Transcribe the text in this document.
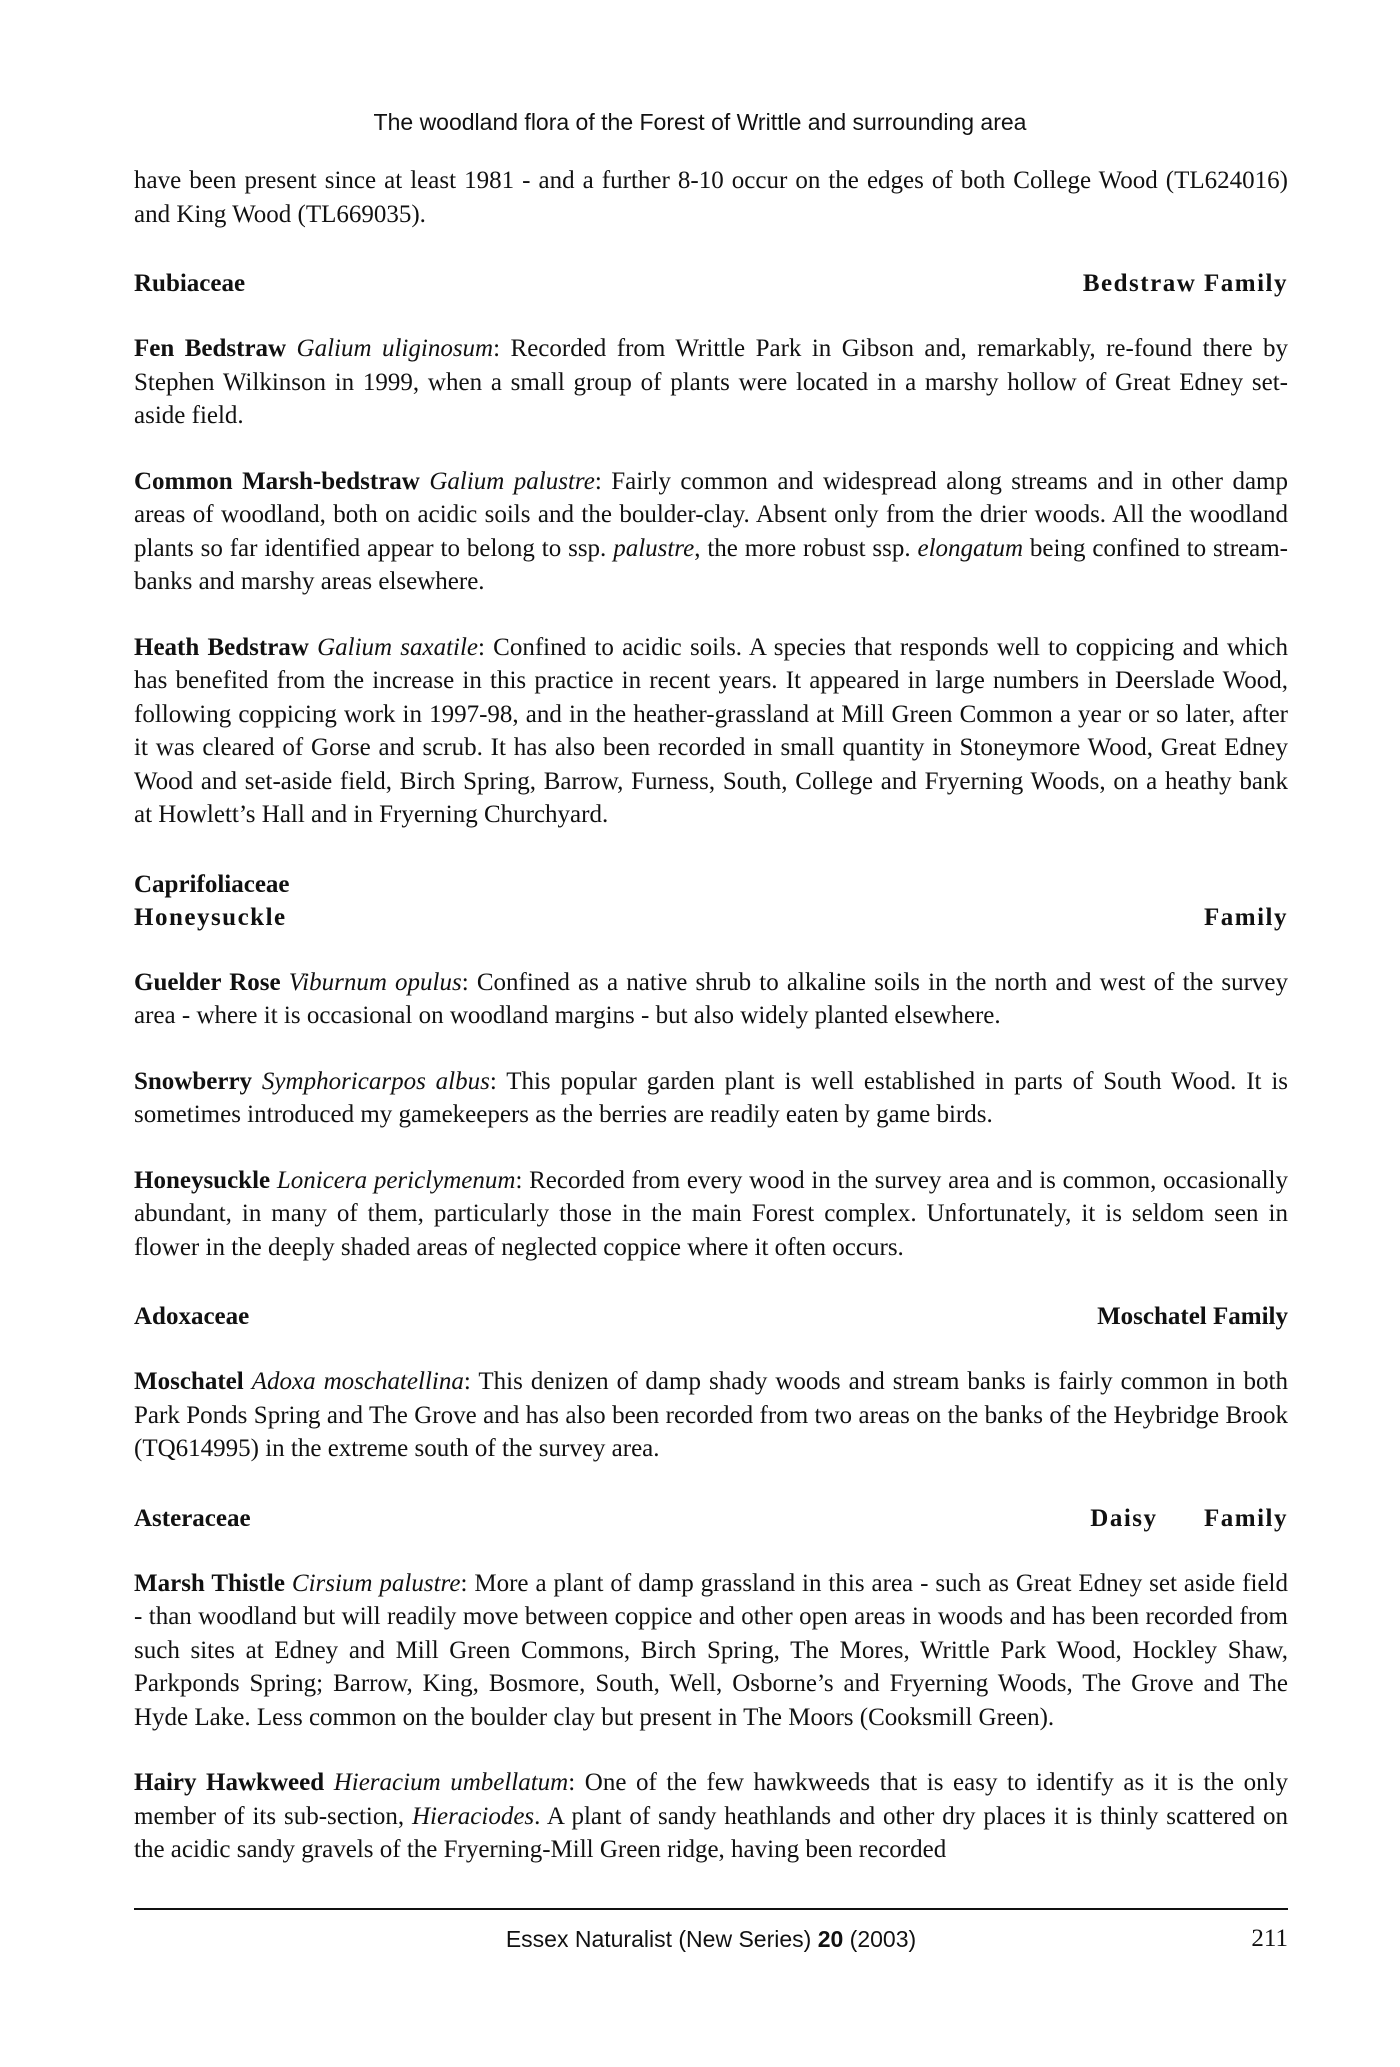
The woodland flora of the Forest of Writtle and surrounding area

have been present since at least 1981 - and a further 8-10 occur on the edges of both College Wood (TL624016) and King Wood (TL669035).

Rubiaceae	Bedstraw Family

Fen Bedstraw Galium uliginosum: Recorded from Writtle Park in Gibson and, remarkably, re-found there by Stephen Wilkinson in 1999, when a small group of plants were located in a marshy hollow of Great Edney set-aside field.

Common Marsh-bedstraw Galium palustre: Fairly common and widespread along streams and in other damp areas of woodland, both on acidic soils and the boulder-clay. Absent only from the drier woods. All the woodland plants so far identified appear to belong to ssp. palustre, the more robust ssp. elongatum being confined to stream-banks and marshy areas elsewhere.

Heath Bedstraw Galium saxatile: Confined to acidic soils. A species that responds well to coppicing and which has benefited from the increase in this practice in recent years. It appeared in large numbers in Deerslade Wood, following coppicing work in 1997-98, and in the heather-grassland at Mill Green Common a year or so later, after it was cleared of Gorse and scrub. It has also been recorded in small quantity in Stoneymore Wood, Great Edney Wood and set-aside field, Birch Spring, Barrow, Furness, South, College and Fryerning Woods, on a heathy bank at Howlett’s Hall and in Fryerning Churchyard.

Caprifoliaceae
Honeysuckle	Family

Guelder Rose Viburnum opulus: Confined as a native shrub to alkaline soils in the north and west of the survey area - where it is occasional on woodland margins - but also widely planted elsewhere.

Snowberry Symphoricarpos albus: This popular garden plant is well established in parts of South Wood. It is sometimes introduced my gamekeepers as the berries are readily eaten by game birds.

Honeysuckle Lonicera periclymenum: Recorded from every wood in the survey area and is common, occasionally abundant, in many of them, particularly those in the main Forest complex. Unfortunately, it is seldom seen in flower in the deeply shaded areas of neglected coppice where it often occurs.

Adoxaceae	Moschatel Family

Moschatel Adoxa moschatellina: This denizen of damp shady woods and stream banks is fairly common in both Park Ponds Spring and The Grove and has also been recorded from two areas on the banks of the Heybridge Brook (TQ614995) in the extreme south of the survey area.

Asteraceae	Daisy      Family

Marsh Thistle Cirsium palustre: More a plant of damp grassland in this area - such as Great Edney set aside field - than woodland but will readily move between coppice and other open areas in woods and has been recorded from such sites at Edney and Mill Green Commons, Birch Spring, The Mores, Writtle Park Wood, Hockley Shaw, Parkponds Spring; Barrow, King, Bosmore, South, Well, Osborne’s and Fryerning Woods, The Grove and The Hyde Lake. Less common on the boulder clay but present in The Moors (Cooksmill Green).

Hairy Hawkweed Hieracium umbellatum: One of the few hawkweeds that is easy to identify as it is the only member of its sub-section, Hieraciodes. A plant of sandy heathlands and other dry places it is thinly scattered on the acidic sandy gravels of the Fryerning-Mill Green ridge, having been recorded

Essex Naturalist (New Series) 20 (2003)	211
